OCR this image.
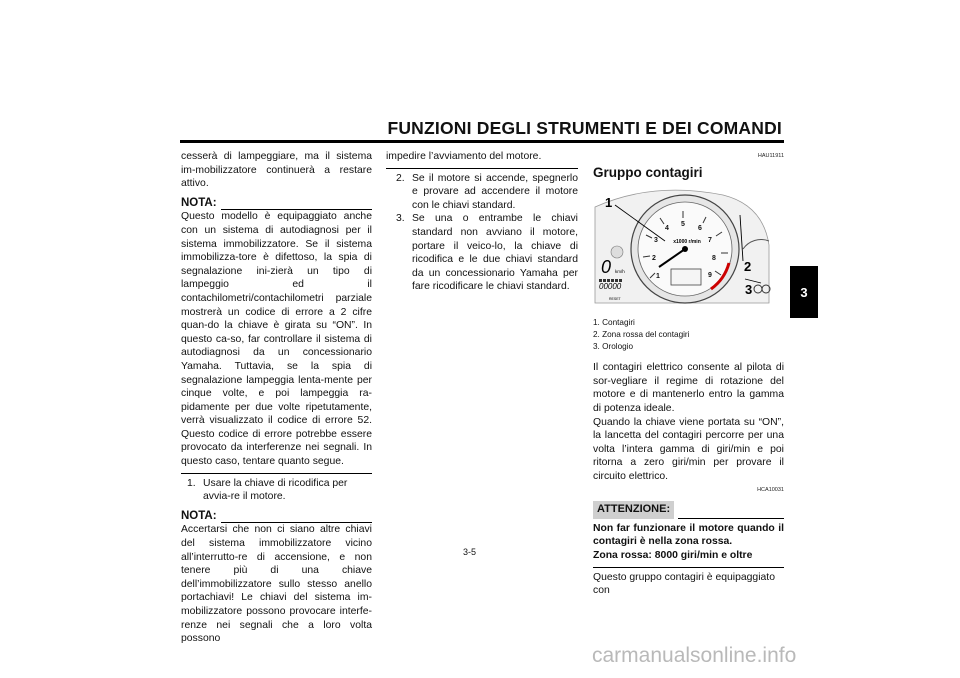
FUNZIONI DEGLI STRUMENTI E DEI COMANDI
3

cesserà di lampeggiare, ma il sistema im-mobilizzatore continuerà a restare attivo.

NOTA:

Questo modello è equipaggiato anche con un sistema di autodiagnosi per il sistema immobilizzatore. Se il sistema immobilizza-tore è difettoso, la spia di segnalazione ini-zierà un tipo di lampeggio ed il contachilometri/contachilometri parziale mostrerà un codice di errore a 2 cifre quan-do la chiave è girata su “ON”. In questo ca-so, far controllare il sistema di autodiagnosi da un concessionario Yamaha. Tuttavia, se la spia di segnalazione lampeggia lenta-mente per cinque volte, e poi lampeggia ra-pidamente per due volte ripetutamente, verrà visualizzato il codice di errore 52. Questo codice di errore potrebbe essere provocato da interferenze nei segnali. In questo caso, tentare quanto segue.

1. Usare la chiave di ricodifica per avvia-re il motore.
NOTA:

Accertarsi che non ci siano altre chiavi del sistema immobilizzatore vicino all’interrutto-re di accensione, e non tenere più di una chiave dell’immobilizzatore sullo stesso anello portachiavi! Le chiavi del sistema im-mobilizzatore possono provocare interfe-renze nei segnali che a loro volta possono

impedire l’avviamento del motore.

2. Se il motore si accende, spegnerlo e provare ad accendere il motore con le chiavi standard.
3. Se una o entrambe le chiavi standard non avviano il motore, portare il veico-lo, la chiave di ricodifica e le due chiavi standard da un concessionario Yamaha per fare ricodificare le chiavi standard.
HAU11911
Gruppo contagiri
1
2
3
4
5
6
7
8
9
x1000 r/min
0 km/h
00000
RESET
1
2
3
1. Contagiri
2. Zona rossa del contagiri
3. Orologio

Il contagiri elettrico consente al pilota di sor-vegliare il regime di rotazione del motore e di mantenerlo entro la gamma di potenza ideale.

Quando la chiave viene portata su “ON”, la lancetta del contagiri percorre per una volta l’intera gamma di giri/min e poi ritorna a zero giri/min per provare il circuito elettrico.

HCA10031
ATTENZIONE:

Non far funzionare il motore quando il contagiri è nella zona rossa.

Zona rossa: 8000 giri/min e oltre

Questo gruppo contagiri è equipaggiato con

3-5
carmanualsonline.info
